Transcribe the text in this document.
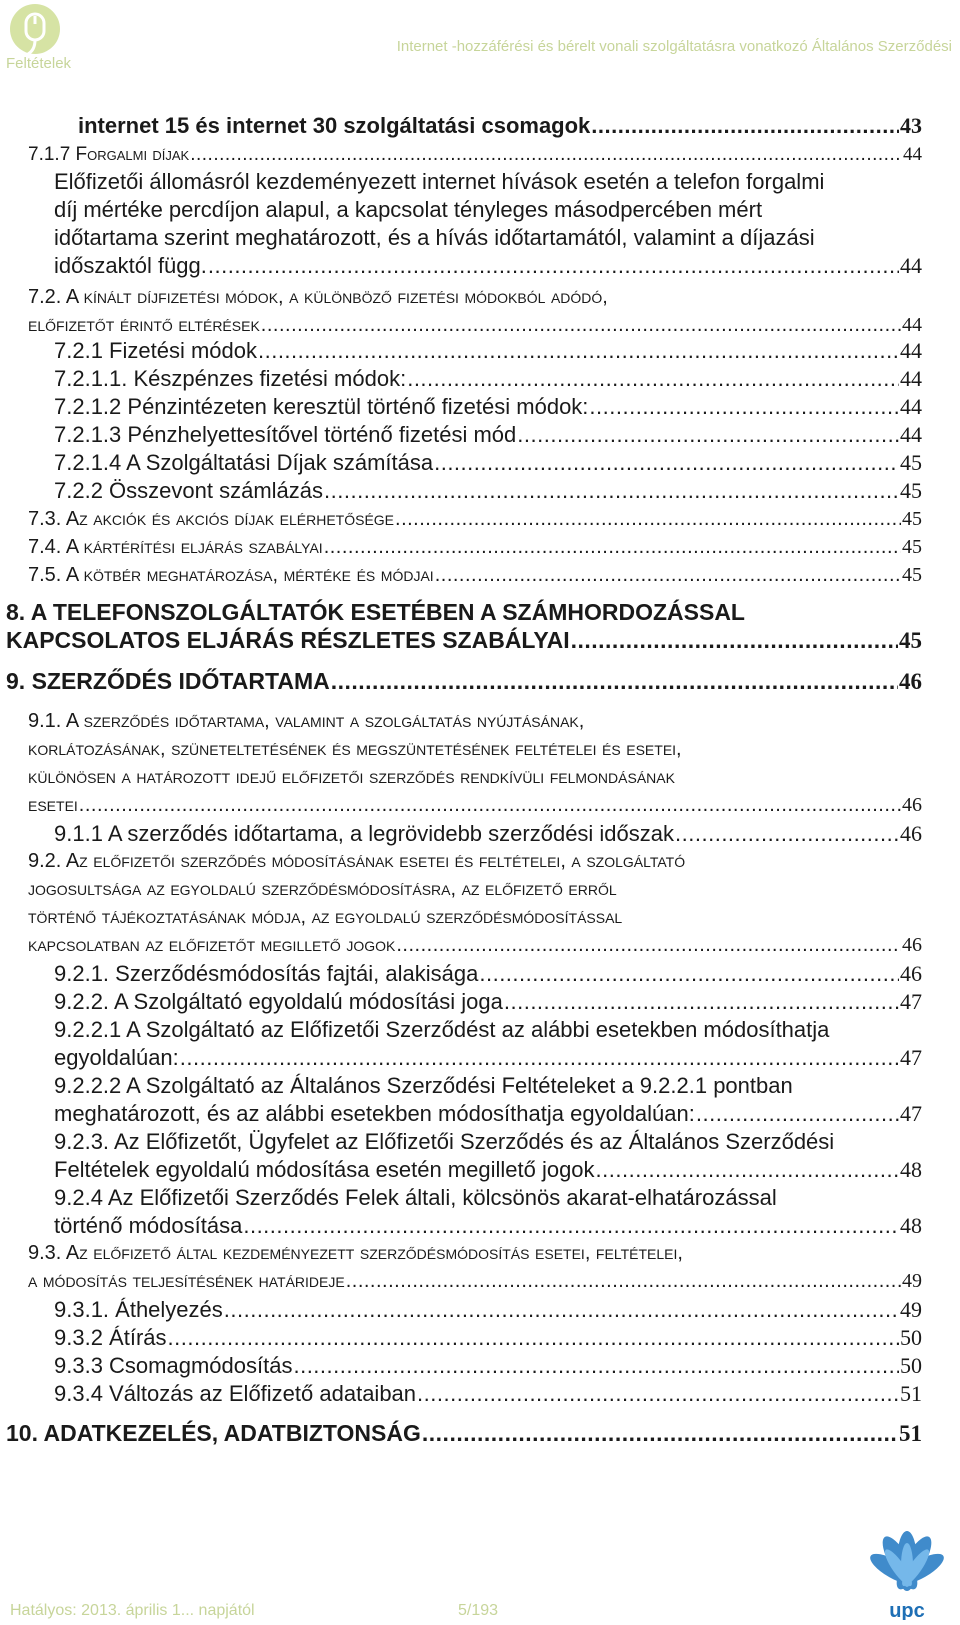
Feltételek
Internet -hozzáférési és bérelt vonali szolgáltatásra vonatkozó Általános Szerződési
internet 15 és internet 30 szolgáltatási csomagok .....	43
7.1.7 Forgalmi díjak .....	44
Előfizetői állomásról kezdeményezett internet hívások esetén a telefon forgalmi
díj mértéke percdíjon alapul, a kapcsolat tényleges másodpercében mért
időtartama szerint meghatározott, és a hívás időtartamától, valamint a díjazási
időszaktól függ. .....	44
7.2. A kínált díjfizetési módok, a különböző fizetési módokból adódó,
előfizetőt érintő eltérések .....	44
7.2.1 Fizetési módok .....	44
7.2.1.1. Készpénzes fizetési módok: .....	44
7.2.1.2 Pénzintézeten keresztül történő fizetési módok: .....	44
7.2.1.3 Pénzhelyettesítővel történő fizetési mód .....	44
7.2.1.4 A Szolgáltatási Díjak számítása .....	45
7.2.2 Összevont számlázás .....	45
7.3. Az akciók és akciós díjak elérhetősége .....	45
7.4. A kártérítési eljárás szabályai .....	45
7.5. A kötbér meghatározása, mértéke és módjai .....	45
8. A TELEFONSZOLGÁLTATÓK ESETÉBEN A SZÁMHORDOZÁSSAL
KAPCSOLATOS ELJÁRÁS RÉSZLETES SZABÁLYAI .....	45
9. SZERZŐDÉS IDŐTARTAMA .....	46
9.1. A szerződés időtartama, valamint a szolgáltatás nyújtásának,
korlátozásának, szüneteltetésének és megszüntetésének feltételei és esetei,
különösen a határozott idejű előfizetői szerződés rendkívüli felmondásának
esetei .....	46
9.1.1 A szerződés időtartama, a legrövidebb szerződési időszak .....	46
9.2. Az előfizetői szerződés módosításának esetei és feltételei, a szolgáltató
jogosultsága az egyoldalú szerződésmódosításra, az előfizető erről
történő tájékoztatásának módja, az egyoldalú szerződésmódosítással
kapcsolatban az előfizetőt megillető jogok .....	46
9.2.1. Szerződésmódosítás fajtái, alakisága .....	46
9.2.2. A Szolgáltató egyoldalú módosítási joga .....	47
9.2.2.1 A Szolgáltató az Előfizetői Szerződést az alábbi esetekben módosíthatja
egyoldalúan: .....	47
9.2.2.2 A Szolgáltató az Általános Szerződési Feltételeket a 9.2.2.1 pontban
meghatározott, és az alábbi esetekben módosíthatja egyoldalúan: .....	47
9.2.3. Az Előfizetőt, Ügyfelet az Előfizetői Szerződés és az Általános Szerződési
Feltételek egyoldalú módosítása esetén megillető jogok .....	48
9.2.4 Az Előfizetői Szerződés Felek általi, kölcsönös akarat-elhatározással
történő módosítása .....	48
9.3. Az előfizető által kezdeményezett szerződésmódosítás esetei, feltételei,
a módosítás teljesítésének határideje .....	49
9.3.1. Áthelyezés .....	49
9.3.2 Átírás .....	50
9.3.3 Csomagmódosítás .....	50
9.3.4 Változás az Előfizető adataiban .....	51
10. ADATKEZELÉS, ADATBIZTONSÁG .....	51
Hatályos: 2013. április 1... napjától	5/193	upc
